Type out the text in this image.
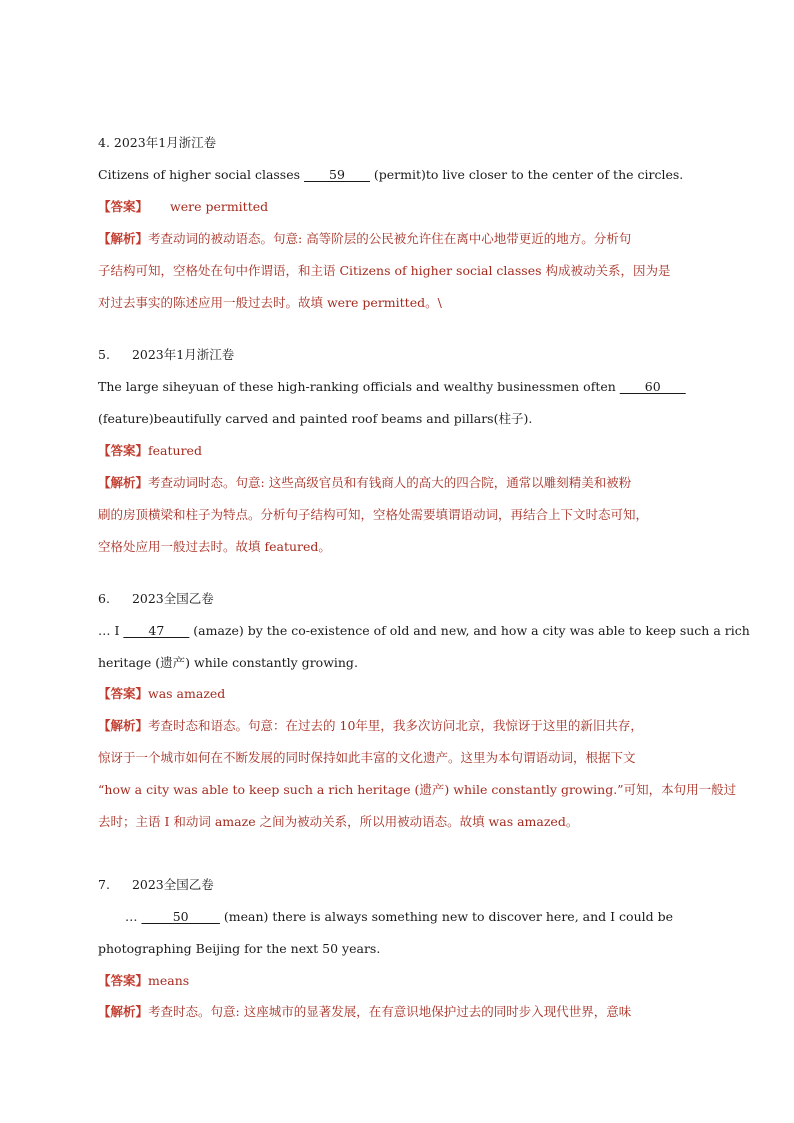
4. 2023年1月浙江卷
Citizens of higher social classes ____59____ (permit)to live closer to the center of the circles.
【答案】 were permitted
【解析】考查动词的被动语态。句意: 高等阶层的公民被允许住在离中心地带更近的地方。分析句
子结构可知，空格处在句中作谓语，和主语 Citizens of higher social classes 构成被动关系，因为是
对过去事实的陈述应用一般过去时。故填 were permitted。\
5. 2023年1月浙江卷
The large siheyuan of these high-ranking officials and wealthy businessmen often ____60____
(feature)beautifully carved and painted roof beams and pillars(柱子).
【答案】featured
【解析】考查动词时态。句意: 这些高级官员和有钱商人的高大的四合院，通常以雕刻精美和被粉
刷的房顶横梁和柱子为特点。分析句子结构可知，空格处需要填谓语动词，再结合上下文时态可知，
空格处应用一般过去时。故填 featured。
6. 2023全国乙卷
… I ____47____ (amaze) by the co-existence of old and new, and how a city was able to keep such a rich
heritage (遗产) while constantly growing.
【答案】was amazed
【解析】考查时态和语态。句意：在过去的 10年里，我多次访问北京，我惊讶于这里的新旧共存，
惊讶于一个城市如何在不断发展的同时保持如此丰富的文化遗产。这里为本句谓语动词，根据下文
“how a city was able to keep such a rich heritage (遗产) while constantly growing.”可知，本句用一般过
去时；主语 I 和动词 amaze 之间为被动关系，所以用被动语态。故填 was amazed。
7. 2023全国乙卷
… _____50_____ (mean) there is always something new to discover here, and I could be
photographing Beijing for the next 50 years.
【答案】means
【解析】考查时态。句意: 这座城市的显著发展，在有意识地保护过去的同时步入现代世界，意味
